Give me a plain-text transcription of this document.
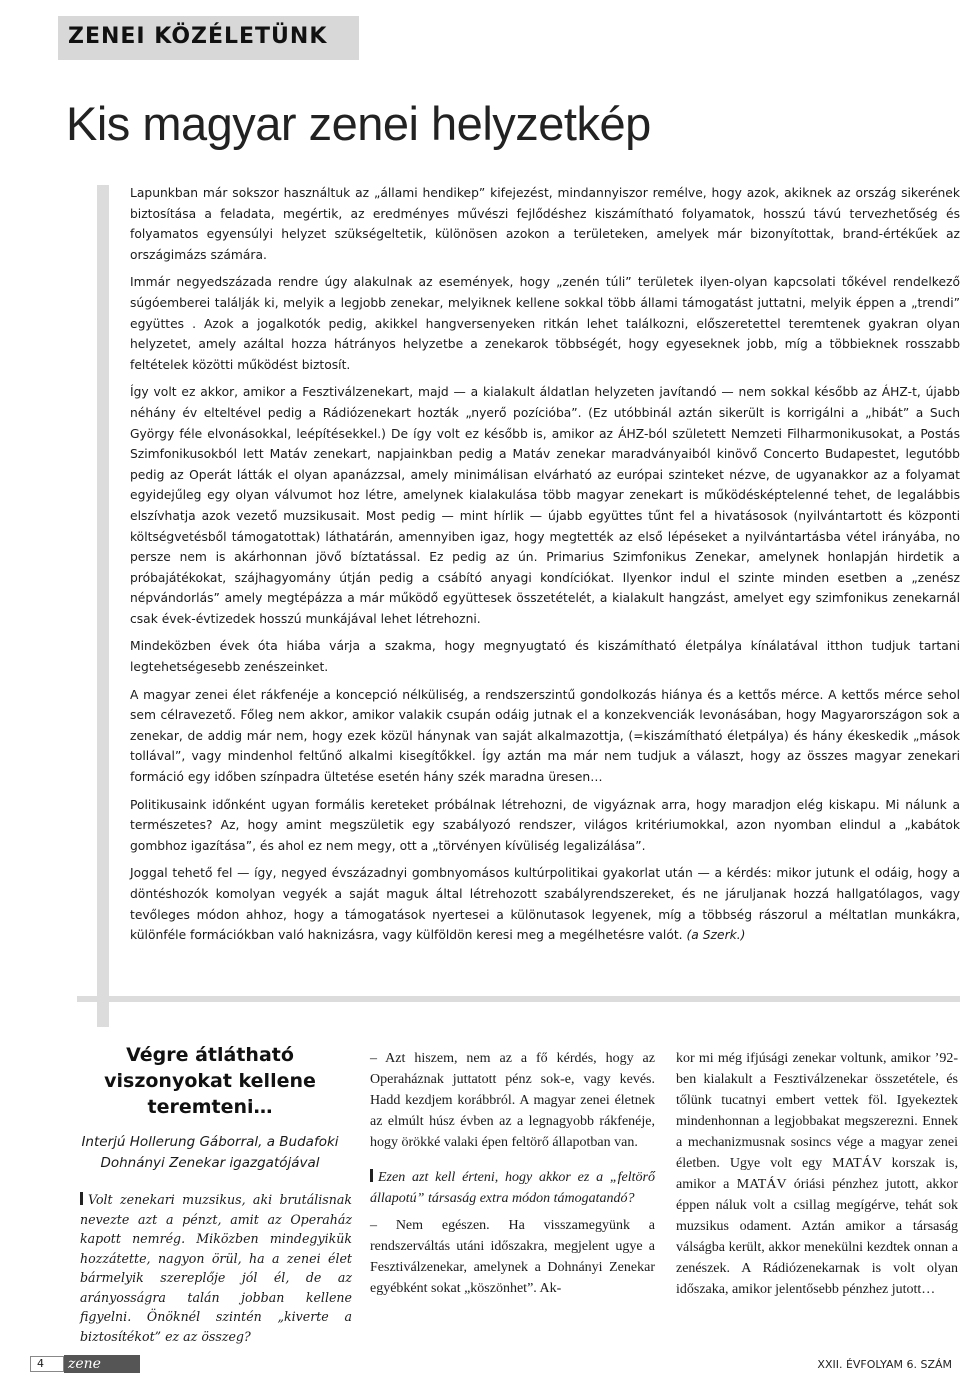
ZENEI KÖZÉLETÜNK
Kis magyar zenei helyzetkép

Lapunkban már sokszor használtuk az „állami hendikep” kifejezést, mindannyiszor remélve, hogy azok, akiknek az ország sikerének biztosítása a feladata, megértik, az eredményes művészi fejlődéshez kiszámítható folyamatok, hosszú távú tervezhetőség és folyamatos egyensúlyi helyzet szükségeltetik, különösen azokon a területeken, amelyek már bizonyítottak, brand-értékűek az országimázs számára.

Immár negyedszázada rendre úgy alakulnak az események, hogy „zenén túli” területek ilyen-olyan kapcsolati tőkével rendelkező súgóemberei találják ki, melyik a legjobb zenekar, melyiknek kellene sokkal több állami támogatást juttatni, melyik éppen a „trendi” együttes . Azok a jogalkotók pedig, akikkel hangversenyeken ritkán lehet találkozni, előszeretettel teremtenek gyakran olyan helyzetet, amely azáltal hozza hátrányos helyzetbe a zenekarok többségét, hogy egyeseknek jobb, míg a többieknek rosszabb feltételek közötti működést biztosít.

Így volt ez akkor, amikor a Fesztiválzenekart, majd — a kialakult áldatlan helyzeten javítandó — nem sokkal később az ÁHZ-t, újabb néhány év elteltével pedig a Rádiózenekart hozták „nyerő pozícióba”. (Ez utóbbinál aztán sikerült is korrigálni a „hibát” a Such György féle elvonásokkal, leépítésekkel.) De így volt ez később is, amikor az ÁHZ-ból született Nemzeti Filharmonikusokat, a Postás Szimfonikusokból lett Matáv zenekart, napjainkban pedig a Matáv zenekar maradványaiból kinövő Concerto Budapestet, legutóbb pedig az Operát látták el olyan apanázzsal, amely minimálisan elvárható az európai szinteket nézve, de ugyanakkor az a folyamat egyidejűleg egy olyan válvumot hoz létre, amelynek kialakulása több magyar zenekart is működésképtelenné tehet, de legalábbis elszívhatja azok vezető muzsikusait. Most pedig — mint hírlik — újabb együttes tűnt fel a hivatásosok (nyilvántartott és központi költségvetésből támogatottak) láthatárán, amennyiben igaz, hogy megtették az első lépéseket a nyilvántartásba vétel irányába, no persze nem is akárhonnan jövő bíztatással. Ez pedig az ún. Primarius Szimfonikus Zenekar, amelynek honlapján hirdetik a próbajátékokat, szájhagyomány útján pedig a csábító anyagi kondíciókat. Ilyenkor indul el szinte minden esetben a „zenész népvándorlás” amely megtépázza a már működő együttesek összetételét, a kialakult hangzást, amelyet egy szimfonikus zenekarnál csak évek-évtizedek hosszú munkájával lehet létrehozni.

Mindeközben évek óta hiába várja a szakma, hogy megnyugtató és kiszámítható életpálya kínálatával itthon tudjuk tartani legtehetségesebb zenészeinket.

A magyar zenei élet rákfenéje a koncepció nélküliség, a rendszerszintű gondolkozás hiánya és a kettős mérce. A kettős mérce sehol sem célravezető. Főleg nem akkor, amikor valakik csupán odáig jutnak el a konzekvenciák levonásában, hogy Magyarországon sok a zenekar, de addig már nem, hogy ezek közül hánynak van saját alkalmazottja, (=kiszámítható életpálya) és hány ékeskedik „mások tollával”, vagy mindenhol feltűnő alkalmi kisegítőkkel. Így aztán ma már nem tudjuk a választ, hogy az összes magyar zenekari formáció egy időben színpadra ültetése esetén hány szék maradna üresen…

Politikusaink időnként ugyan formális kereteket próbálnak létrehozni, de vigyáznak arra, hogy maradjon elég kiskapu. Mi nálunk a természetes? Az, hogy amint megszületik egy szabályozó rendszer, világos kritériumokkal, azon nyomban elindul a „kabátok gombhoz igazítása”, és ahol ez nem megy, ott a „törvényen kívüliség legalizálása”.

Joggal tehető fel — így, negyed évszázadnyi gombnyomásos kultúrpolitikai gyakorlat után — a kérdés: mikor jutunk el odáig, hogy a döntéshozók komolyan vegyék a saját maguk által létrehozott szabályrendszereket, és ne járuljanak hozzá hallgatólagos, vagy tevőleges módon ahhoz, hogy a támogatások nyertesei a különutasok legyenek, míg a többség rászorul a méltatlan munkákra, különféle formációkban való haknizásra, vagy külföldön keresi meg a megélhetésre valót. (a Szerk.)

Végre átlátható viszonyokat kellene teremteni…
Interjú Hollerung Gáborral, a Budafoki Dohnányi Zenekar igazgatójával

Volt zenekari muzsikus, aki brutálisnak nevezte azt a pénzt, amit az Operaház kapott nemrég. Miközben mindegyikük hozzátette, nagyon örül, ha a zenei élet bármelyik szereplője jól él, de az arányosságra talán jobban kellene figyelni. Önöknél szintén „kiverte a biztosítékot” ez az összeg?

– Azt hiszem, nem az a fő kérdés, hogy az Operaháznak juttatott pénz sok-e, vagy kevés. Hadd kezdjem korábbról. A magyar zenei életnek az elmúlt húsz évben az a legnagyobb rákfenéje, hogy örökké valaki épen feltörő állapotban van.

Ezen azt kell érteni, hogy akkor ez a „feltörő állapotú” társaság extra módon támogatandó?

– Nem egészen. Ha visszamegyünk a rendszerváltás utáni időszakra, megjelent ugye a Fesztiválzenekar, amelynek a Dohnányi Zenekar egyébként sokat „köszönhet”. Ak-

kor mi még ifjúsági zenekar voltunk, amikor ’92-ben kialakult a Fesztiválzenekar összetétele, és tőlünk tucatnyi embert vettek föl. Igyekeztek mindenhonnan a legjobbakat megszerezni. Ennek a mechanizmusnak sosincs vége a magyar zenei életben. Ugye volt egy MATÁV korszak is, amikor a MATÁV óriási pénzhez jutott, akkor éppen náluk volt a csillag megígérve, tehát sok muzsikus odament. Aztán amikor a társaság válságba került, akkor menekülni kezdtek onnan a zenészek. A Rádiózenekarnak is volt olyan időszaka, amikor jelentősebb pénzhez jutott…

4	zene	XXII. ÉVFOLYAM 6. SZÁM
